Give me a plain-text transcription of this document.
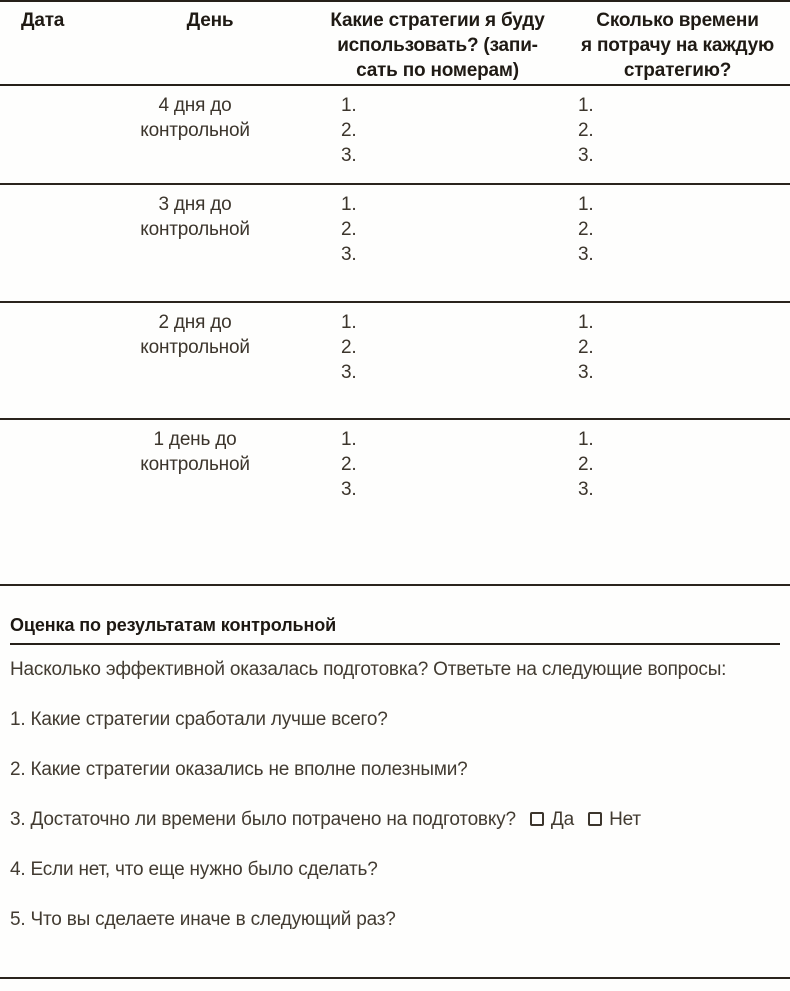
Дата	День	Какие стратегии я буду
использовать? (запи-
сать по номерам)	Сколько времени
я потрачу на каждую
стратегию?

	4 дня до контрольной	
1.
2.
3.

1.
2.
3.

	3 дня до контрольной	
1.
2.
3.

1.
2.
3.

	2 дня до контрольной	
1.
2.
3.

1.
2.
3.

	1 день до контрольной	
1.
2.
3.

1.
2.
3.
Оценка по результатам контрольной

Насколько эффективной оказалась подготовка? Ответьте на следующие вопросы:

1. Какие стратегии сработали лучше всего?

2. Какие стратегии оказались не вполне полезными?

3. Достаточно ли времени было потрачено на подготовку? Да Нет

4. Если нет, что еще нужно было сделать?

5. Что вы сделаете иначе в следующий раз?
